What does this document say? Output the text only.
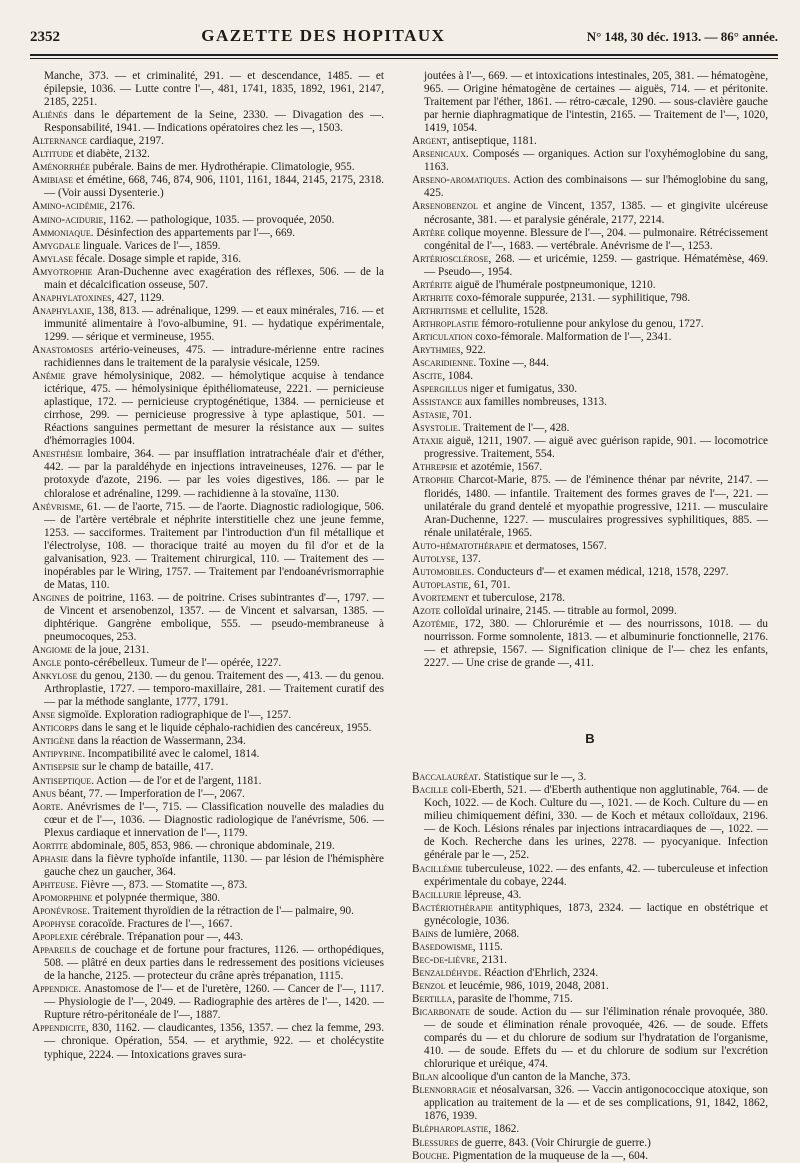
2352	GAZETTE DES HOPITAUX	N° 148, 30 déc. 1913. — 86° année.

Manche, 373. — et criminalité, 291. — et descendance, 1485. — et épilepsie, 1036. — Lutte contre l'—, 481, 1741, 1835, 1892, 1961, 2147, 2185, 2251.

Aliénés dans le département de la Seine, 2330. — Divagation des —. Responsabilité, 1941. — Indications opératoires chez les —, 1503.

Alternance cardiaque, 2197.

Altitude et diabète, 2132.

Aménorrhée pubérale. Bains de mer. Hydrothérapie. Climatologie, 955.

Amibiase et émétine, 668, 746, 874, 906, 1101, 1161, 1844, 2145, 2175, 2318. — (Voir aussi Dysenterie.)

Amino-acidémie, 2176.

Amino-acidurie, 1162. — pathologique, 1035. — provoquée, 2050.

Ammoniaque. Désinfection des appartements par l'—, 669.

Amygdale linguale. Varices de l'—, 1859.

Amylase fécale. Dosage simple et rapide, 316.

Amyotrophie Aran-Duchenne avec exagération des réflexes, 506. — de la main et décalcification osseuse, 507.

Anaphylatoxines, 427, 1129.

Anaphylaxie, 138, 813. — adrénalique, 1299. — et eaux minérales, 716. — et immunité alimentaire à l'ovo-albumine, 91. — hydatique expérimentale, 1299. — sérique et vermineuse, 1955.

Anastomoses artério-veineuses, 475. — intradure-mérienne entre racines rachidiennes dans le traitement de la paralysie vésicale, 1259.

Anémie grave hémolysinique, 2082. — hémolytique acquise à tendance ictérique, 475. — hémolysinique épithéliomateuse, 2221. — pernicieuse aplastique, 172. — pernicieuse cryptogénétique, 1384. — pernicieuse et cirrhose, 299. — pernicieuse progressive à type aplastique, 501. — Réactions sanguines permettant de mesurer la résistance aux — suites d'hémorragies 1004.

Anesthésie lombaire, 364. — par insufflation intratrachéale d'air et d'éther, 442. — par la paraldéhyde en injections intraveineuses, 1276. — par le protoxyde d'azote, 2196. — par les voies digestives, 186. — par le chloralose et adrénaline, 1299. — rachidienne à la stovaïne, 1130.

Anévrisme, 61. — de l'aorte, 715. — de l'aorte. Diagnostic radiologique, 506. — de l'artère vertébrale et néphrite interstitielle chez une jeune femme, 1253. — sacciformes. Traitement par l'introduction d'un fil métallique et l'électrolyse, 108. — thoracique traité au moyen du fil d'or et de la galvanisation, 923. — Traitement chirurgical, 110. — Traitement des — inopérables par le Wiring, 1757. — Traitement par l'endoanévrismorraphie de Matas, 110.

Angines de poitrine, 1163. — de poitrine. Crises subintrantes d'—, 1797. — de Vincent et arsenobenzol, 1357. — de Vincent et salvarsan, 1385. — diphtérique. Gangrène embolique, 555. — pseudo-membraneuse à pneumocoques, 253.

Angiome de la joue, 2131.

Angle ponto-cérébelleux. Tumeur de l'— opérée, 1227.

Ankylose du genou, 2130. — du genou. Traitement des —, 413. — du genou. Arthroplastie, 1727. — temporo-maxillaire, 281. — Traitement curatif des — par la méthode sanglante, 1777, 1791.

Anse sigmoïde. Exploration radiographique de l'—, 1257.

Anticorps dans le sang et le liquide céphalo-rachidien des cancéreux, 1955.

Antigène dans la réaction de Wassermann, 234.

Antipyrine. Incompatibilité avec le calomel, 1814.

Antisepsie sur le champ de bataille, 417.

Antiseptique. Action — de l'or et de l'argent, 1181.

Anus béant, 77. — Imperforation de l'—, 2067.

Aorte. Anévrismes de l'—, 715. — Classification nouvelle des maladies du cœur et de l'—, 1036. — Diagnostic radiologique de l'anévrisme, 506. — Plexus cardiaque et innervation de l'—, 1179.

Aortite abdominale, 805, 853, 986. — chronique abdominale, 219.

Aphasie dans la fièvre typhoïde infantile, 1130. — par lésion de l'hémisphère gauche chez un gaucher, 364.

Aphteuse. Fièvre —, 873. — Stomatite —, 873.

Apomorphine et polypnée thermique, 380.

Aponévrose. Traitement thyroïdien de la rétraction de l'— palmaire, 90.

Apophyse coracoïde. Fractures de l'—, 1667.

Apoplexie cérébrale. Trépanation pour —, 443.

Appareils de couchage et de fortune pour fractures, 1126. — orthopédiques, 508. — plâtré en deux parties dans le redressement des positions vicieuses de la hanche, 2125. — protecteur du crâne après trépanation, 1115.

Appendice. Anastomose de l'— et de l'uretère, 1260. — Cancer de l'—, 1117. — Physiologie de l'—, 2049. — Radiographie des artères de l'—, 1420. — Rupture rétro-péritonéale de l'—, 1887.

Appendicite, 830, 1162. — claudicantes, 1356, 1357. — chez la femme, 293. — chronique. Opération, 554. — et arythmie, 922. — et cholécystite typhique, 2224. — Intoxications graves sura-

joutées à l'—, 669. — et intoxications intestinales, 205, 381. — hématogène, 965. — Origine hématogène de certaines — aiguës, 714. — et péritonite. Traitement par l'éther, 1861. — rétro-cæcale, 1290. — sous-clavière gauche par hernie diaphragmatique de l'intestin, 2165. — Traitement de l'—, 1020, 1419, 1054.

Argent, antiseptique, 1181.

Arsenicaux. Composés — organiques. Action sur l'oxyhémoglobine du sang, 1163.

Arseno-aromatiques. Action des combinaisons — sur l'hémoglobine du sang, 425.

Arsenobenzol et angine de Vincent, 1357, 1385. — et gingivite ulcéreuse nécrosante, 381. — et paralysie générale, 2177, 2214.

Artère colique moyenne. Blessure de l'—, 204. — pulmonaire. Rétrécissement congénital de l'—, 1683. — vertébrale. Anévrisme de l'—, 1253.

Artériosclérose, 268. — et uricémie, 1259. — gastrique. Hématémèse, 469. — Pseudo—, 1954.

Artérite aiguë de l'humérale postpneumonique, 1210.

Arthrite coxo-fémorale suppurée, 2131. — syphilitique, 798.

Arthritisme et cellulite, 1528.

Arthroplastie fémoro-rotulienne pour ankylose du genou, 1727.

Articulation coxo-fémorale. Malformation de l'—, 2341.

Arythmies, 922.

Ascaridienne. Toxine —, 844.

Ascite, 1084.

Aspergillus niger et fumigatus, 330.

Assistance aux familles nombreuses, 1313.

Astasie, 701.

Asystolie. Traitement de l'—, 428.

Ataxie aiguë, 1211, 1907. — aiguë avec guérison rapide, 901. — locomotrice progressive. Traitement, 554.

Athrepsie et azotémie, 1567.

Atrophie Charcot-Marie, 875. — de l'éminence thénar par névrite, 2147. — floridés, 1480. — infantile. Traitement des formes graves de l'—, 221. — unilatérale du grand dentelé et myopathie progressive, 1211. — musculaire Aran-Duchenne, 1227. — musculaires progressives syphilitiques, 885. — rénale unilatérale, 1965.

Auto-hématothérapie et dermatoses, 1567.

Autolyse, 137.

Automobiles. Conducteurs d'— et examen médical, 1218, 1578, 2297.

Autoplastie, 61, 701.

Avortement et tuberculose, 2178.

Azote colloïdal urinaire, 2145. — titrable au formol, 2099.

Azotémie, 172, 380. — Chlorurémie et — des nourrissons, 1018. — du nourrisson. Forme somnolente, 1813. — et albuminurie fonctionnelle, 2176. — et athrepsie, 1567. — Signification clinique de l'— chez les enfants, 2227. — Une crise de grande —, 411.

B

Baccalauréat. Statistique sur le —, 3.

Bacille coli-Eberth, 521. — d'Eberth authentique non agglutinable, 764. — de Koch, 1022. — de Koch. Culture du —, 1021. — de Koch. Culture du — en milieu chimiquement défini, 330. — de Koch et métaux colloïdaux, 2196. — de Koch. Lésions rénales par injections intracardiaques de —, 1022. — de Koch. Recherche dans les urines, 2278. — pyocyanique. Infection générale par le —, 252.

Bacillémie tuberculeuse, 1022. — des enfants, 42. — tuberculeuse et infection expérimentale du cobaye, 2244.

Bacillurie lépreuse, 43.

Bactériothérapie antityphiques, 1873, 2324. — lactique en obstétrique et gynécologie, 1036.

Bains de lumière, 2068.

Basedowisme, 1115.

Bec-de-lièvre, 2131.

Benzaldéhyde. Réaction d'Ehrlich, 2324.

Benzol et leucémie, 986, 1019, 2048, 2081.

Bertilla, parasite de l'homme, 715.

Bicarbonate de soude. Action du — sur l'élimination rénale provoquée, 380. — de soude et élimination rénale provoquée, 426. — de soude. Effets comparés du — et du chlorure de sodium sur l'hydratation de l'organisme, 410. — de soude. Effets du — et du chlorure de sodium sur l'excrétion chlorurique et uréique, 474.

Bilan alcoolique d'un canton de la Manche, 373.

Blennorragie et néosalvarsan, 326. — Vaccin antigonococcique atoxique, son application au traitement de la — et de ses complications, 91, 1842, 1862, 1876, 1939.

Blépharoplastie, 1862.

Blessures de guerre, 843. (Voir Chirurgie de guerre.)

Bouche. Pigmentation de la muqueuse de la —, 604.
